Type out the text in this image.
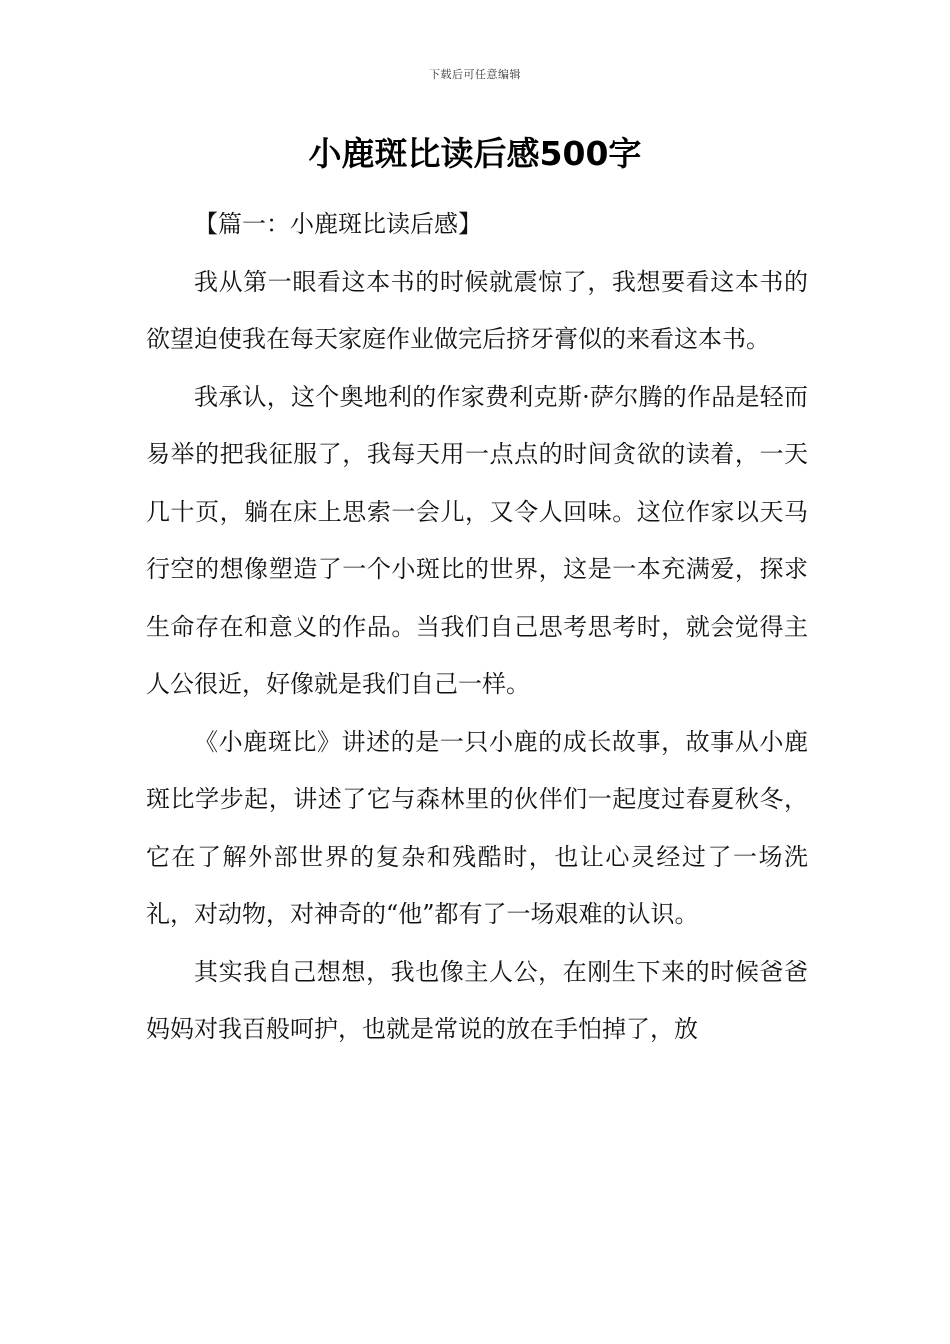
下载后可任意编辑
小鹿斑比读后感500字

【篇一：小鹿斑比读后感】

我从第一眼看这本书的时候就震惊了，我想要看这本书的欲望迫使我在每天家庭作业做完后挤牙膏似的来看这本书。

我承认，这个奥地利的作家费利克斯·萨尔腾的作品是轻而易举的把我征服了，我每天用一点点的时间贪欲的读着，一天几十页，躺在床上思索一会儿，又令人回味。这位作家以天马行空的想像塑造了一个小斑比的世界，这是一本充满爱，探求生命存在和意义的作品。当我们自己思考思考时，就会觉得主人公很近，好像就是我们自己一样。

《小鹿斑比》讲述的是一只小鹿的成长故事，故事从小鹿斑比学步起，讲述了它与森林里的伙伴们一起度过春夏秋冬，它在了解外部世界的复杂和残酷时，也让心灵经过了一场洗礼，对动物，对神奇的“他”都有了一场艰难的认识。

其实我自己想想，我也像主人公，在刚生下来的时候爸爸妈妈对我百般呵护，也就是常说的放在手怕掉了，放
